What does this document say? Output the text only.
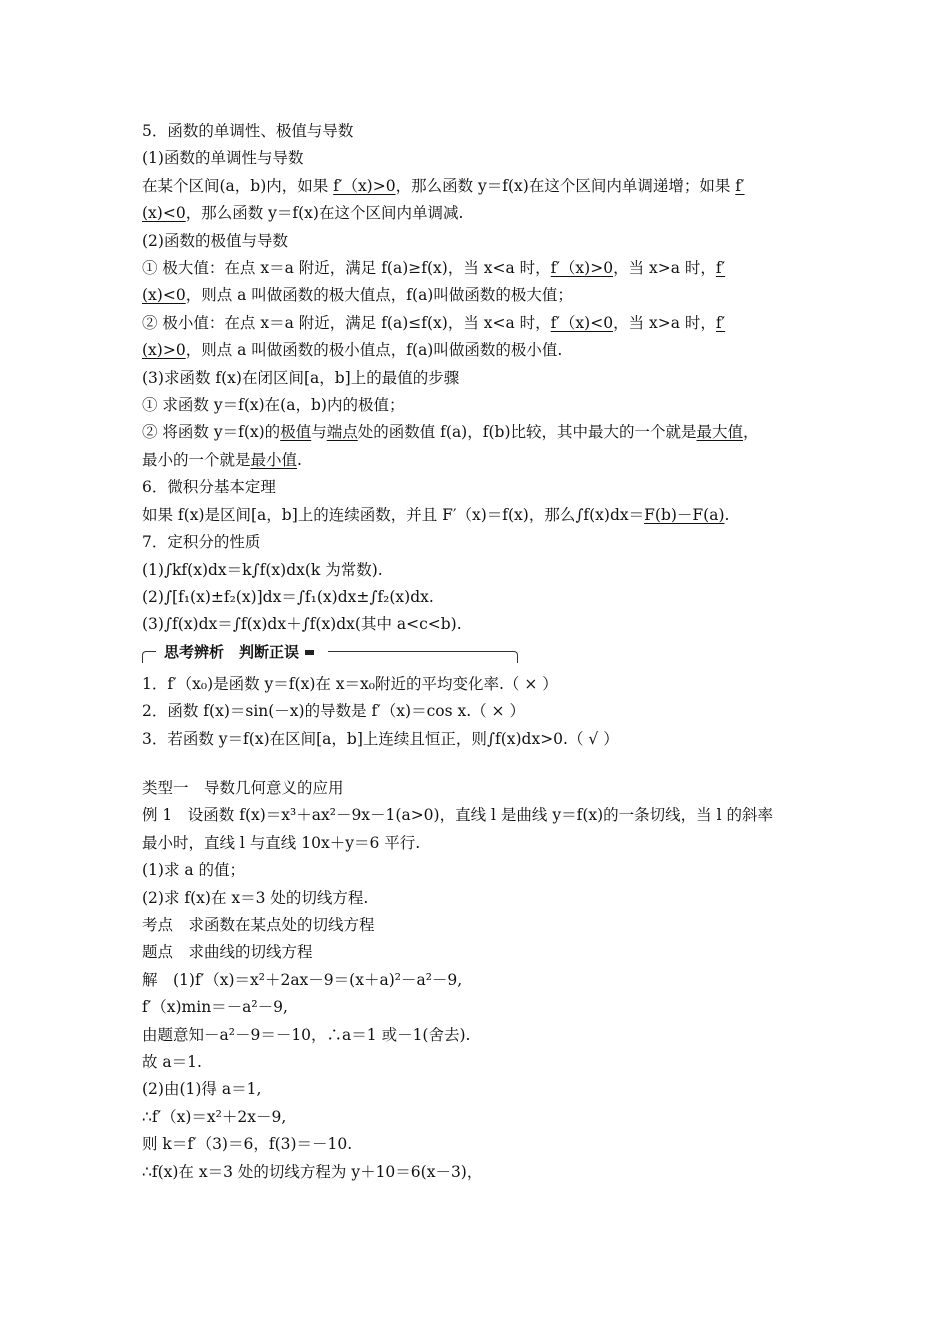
5．函数的单调性、极值与导数
(1)函数的单调性与导数
在某个区间(a，b)内，如果 f′（x)>0，那么函数 y＝f(x)在这个区间内单调递增；如果 f′
(x)<0，那么函数 y＝f(x)在这个区间内单调减.
(2)函数的极值与导数
① 极大值：在点 x＝a 附近，满足 f(a)≥f(x)，当 x<a 时，f′（x)>0，当 x>a 时，f′
(x)<0，则点 a 叫做函数的极大值点，f(a)叫做函数的极大值；
② 极小值：在点 x＝a 附近，满足 f(a)≤f(x)，当 x<a 时，f′（x)<0，当 x>a 时，f′
(x)>0，则点 a 叫做函数的极小值点，f(a)叫做函数的极小值.
(3)求函数 f(x)在闭区间[a，b]上的最值的步骤
① 求函数 y＝f(x)在(a，b)内的极值；
② 将函数 y＝f(x)的极值与端点处的函数值 f(a)，f(b)比较，其中最大的一个就是最大值，
最小的一个就是最小值.
6．微积分基本定理
如果 f(x)是区间[a，b]上的连续函数，并且 F′（x)＝f(x)，那么∫f(x)dx＝F(b)－F(a).
7．定积分的性质
(1)∫kf(x)dx＝k∫f(x)dx(k 为常数).
(2)∫[f₁(x)±f₂(x)]dx＝∫f₁(x)dx±∫f₂(x)dx.
(3)∫f(x)dx＝∫f(x)dx＋∫f(x)dx(其中 a<c<b).
思考辨析　 判断正误
1．f′（x₀)是函数 y＝f(x)在 x＝x₀附近的平均变化率.（ × ）
2．函数 f(x)＝sin(－x)的导数是 f′（x)＝cos x.（ × ）
3．若函数 y＝f(x)在区间[a，b]上连续且恒正，则∫f(x)dx>0.（ √ ）
类型一　导数几何意义的应用
例 1　设函数 f(x)＝x³＋ax²－9x－1(a>0)，直线 l 是曲线 y＝f(x)的一条切线，当 l 的斜率
最小时，直线 l 与直线 10x＋y＝6 平行.
(1)求 a 的值；
(2)求 f(x)在 x＝3 处的切线方程.
考点　求函数在某点处的切线方程
题点　求曲线的切线方程
解　(1)f′（x)＝x²＋2ax－9＝(x＋a)²－a²－9,
f′（x)min＝－a²－9,
由题意知－a²－9＝－10，∴a＝1 或－1(舍去).
故 a＝1.
(2)由(1)得 a＝1,
∴f′（x)＝x²＋2x－9,
则 k＝f′（3)＝6，f(3)＝－10.
∴f(x)在 x＝3 处的切线方程为 y＋10＝6(x－3)，
